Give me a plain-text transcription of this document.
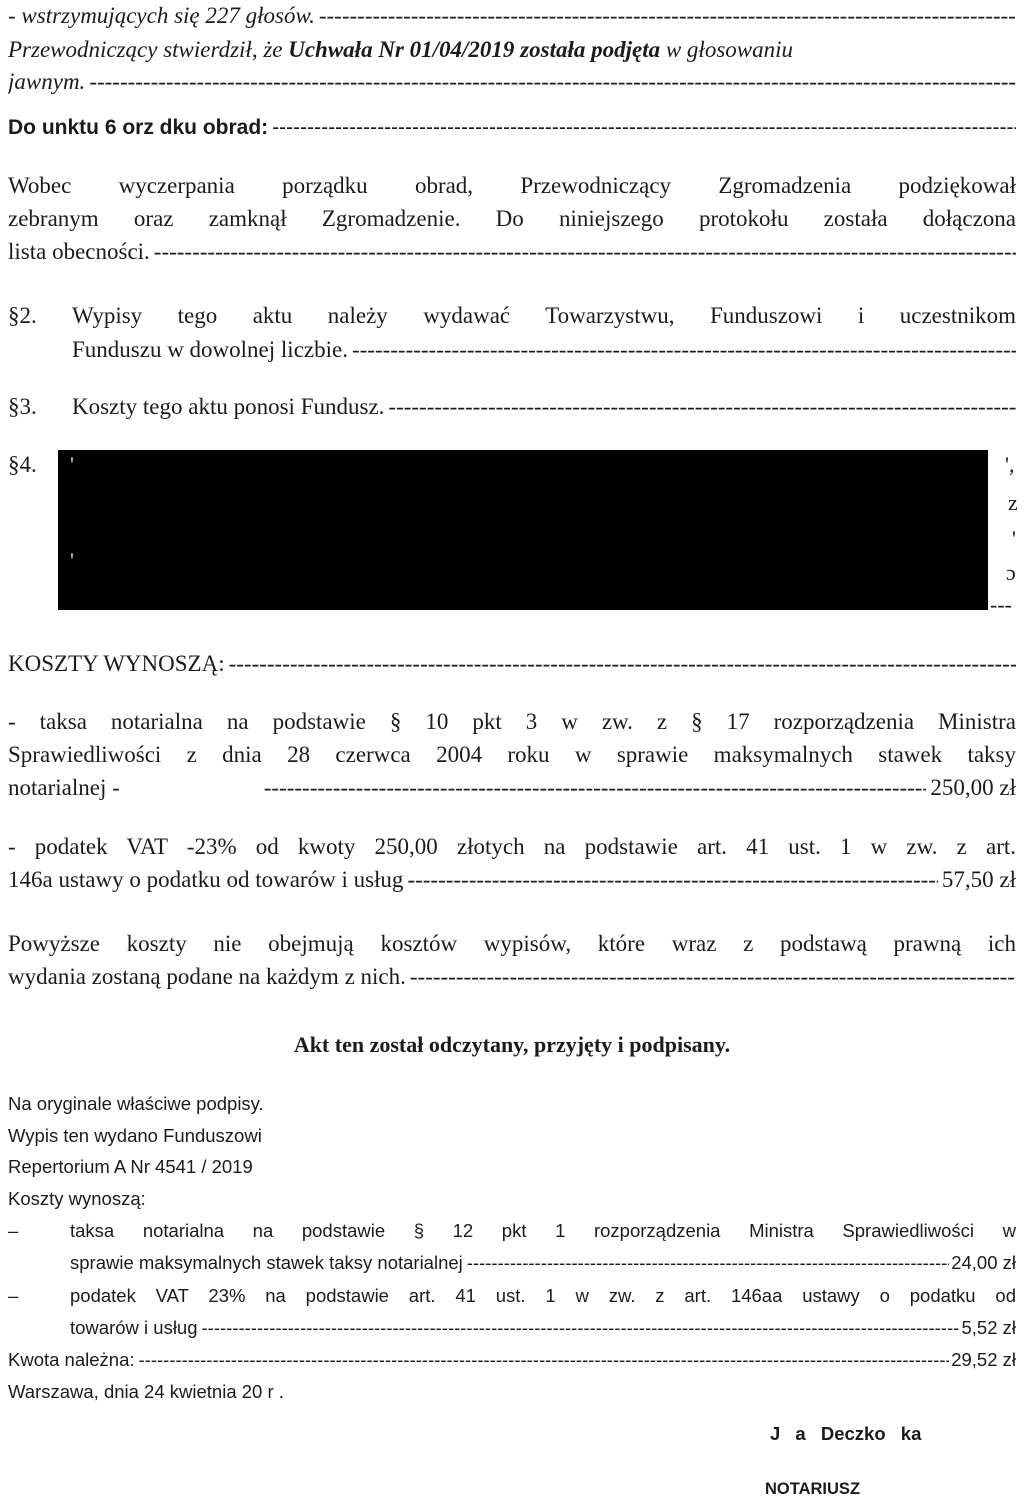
- wstrzymujących się 227 głosów.
-----
Przewodniczący stwierdził, że Uchwała Nr 01/04/2019 została podjęta w głosowaniu
jawnym.
-----
Do unktu 6 orz dku obrad:
-----
Wobec wyczerpania porządku obrad, Przewodniczący Zgromadzenia podziękował
zebranym oraz zamknął Zgromadzenie. Do niniejszego protokołu została dołączona
lista obecności.
-----
§2. Wypisy tego aktu należy wydawać Towarzystwu, Funduszowi i uczestnikom
Funduszu w dowolnej liczbie.
-----
§3. Koszty tego aktu ponosi Fundusz.
-----
§4. '	',
z
'
'	ɔ
---
KOSZTY WYNOSZĄ:
-----
- taksa notarialna na podstawie § 10 pkt 3 w zw. z § 17 rozporządzenia Ministra
Sprawiedliwości z dnia 28 czerwca 2004 roku w sprawie maksymalnych stawek taksy
notarialnej - -----	250,00 zł
- podatek VAT -23% od kwoty 250,00 złotych na podstawie art. 41 ust. 1 w zw. z art.
146a ustawy o podatku od towarów i usług -----	57,50 zł
Powyższe koszty nie obejmują kosztów wypisów, które wraz z podstawą prawną ich
wydania zostaną podane na każdym z nich.
-----
Akt ten został odczytany, przyjęty i podpisany.
Na oryginale właściwe podpisy.
Wypis ten wydano Funduszowi
Repertorium A Nr 4541 / 2019
Koszty wynoszą:
–	taksa notarialna na podstawie § 12 pkt 1 rozporządzenia Ministra Sprawiedliwości w
sprawie maksymalnych stawek taksy notarialnej -----	24,00 zł
–	podatek VAT 23% na podstawie art. 41 ust. 1 w zw. z art. 146aa ustawy o podatku od
towarów i usług -----	5,52 zł
Kwota należna: -----	29,52 zł
Warszawa, dnia 24 kwietnia 20 r .
J a Deczko ka
NOTARIUSZ
